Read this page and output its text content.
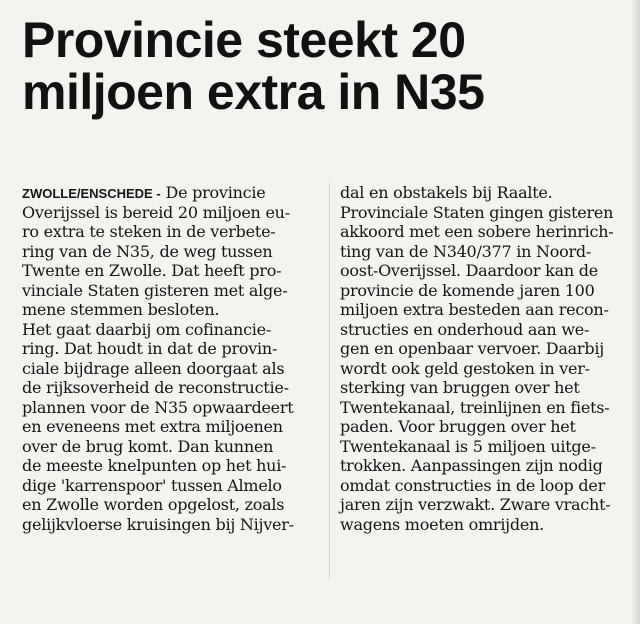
Provincie steekt 20
miljoen extra in N35
ZWOLLE/ENSCHEDE - De provincie
Overijssel is bereid 20 miljoen eu-
ro extra te steken in de verbete-
ring van de N35, de weg tussen
Twente en Zwolle. Dat heeft pro-
vinciale Staten gisteren met alge-
mene stemmen besloten.
Het gaat daarbij om cofinancie-
ring. Dat houdt in dat de provin-
ciale bijdrage alleen doorgaat als
de rijksoverheid de reconstructie-
plannen voor de N35 opwaardeert
en eveneens met extra miljoenen
over de brug komt. Dan kunnen
de meeste knelpunten op het hui-
dige 'karrenspoor' tussen Almelo
en Zwolle worden opgelost, zoals
gelijkvloerse kruisingen bij Nijver-
dal en obstakels bij Raalte.
Provinciale Staten gingen gisteren
akkoord met een sobere herinrich-
ting van de N340/377 in Noord-
oost-Overijssel. Daardoor kan de
provincie de komende jaren 100
miljoen extra besteden aan recon-
structies en onderhoud aan we-
gen en openbaar vervoer. Daarbij
wordt ook geld gestoken in ver-
sterking van bruggen over het
Twentekanaal, treinlijnen en fiets-
paden. Voor bruggen over het
Twentekanaal is 5 miljoen uitge-
trokken. Aanpassingen zijn nodig
omdat constructies in de loop der
jaren zijn verzwakt. Zware vracht-
wagens moeten omrijden.
